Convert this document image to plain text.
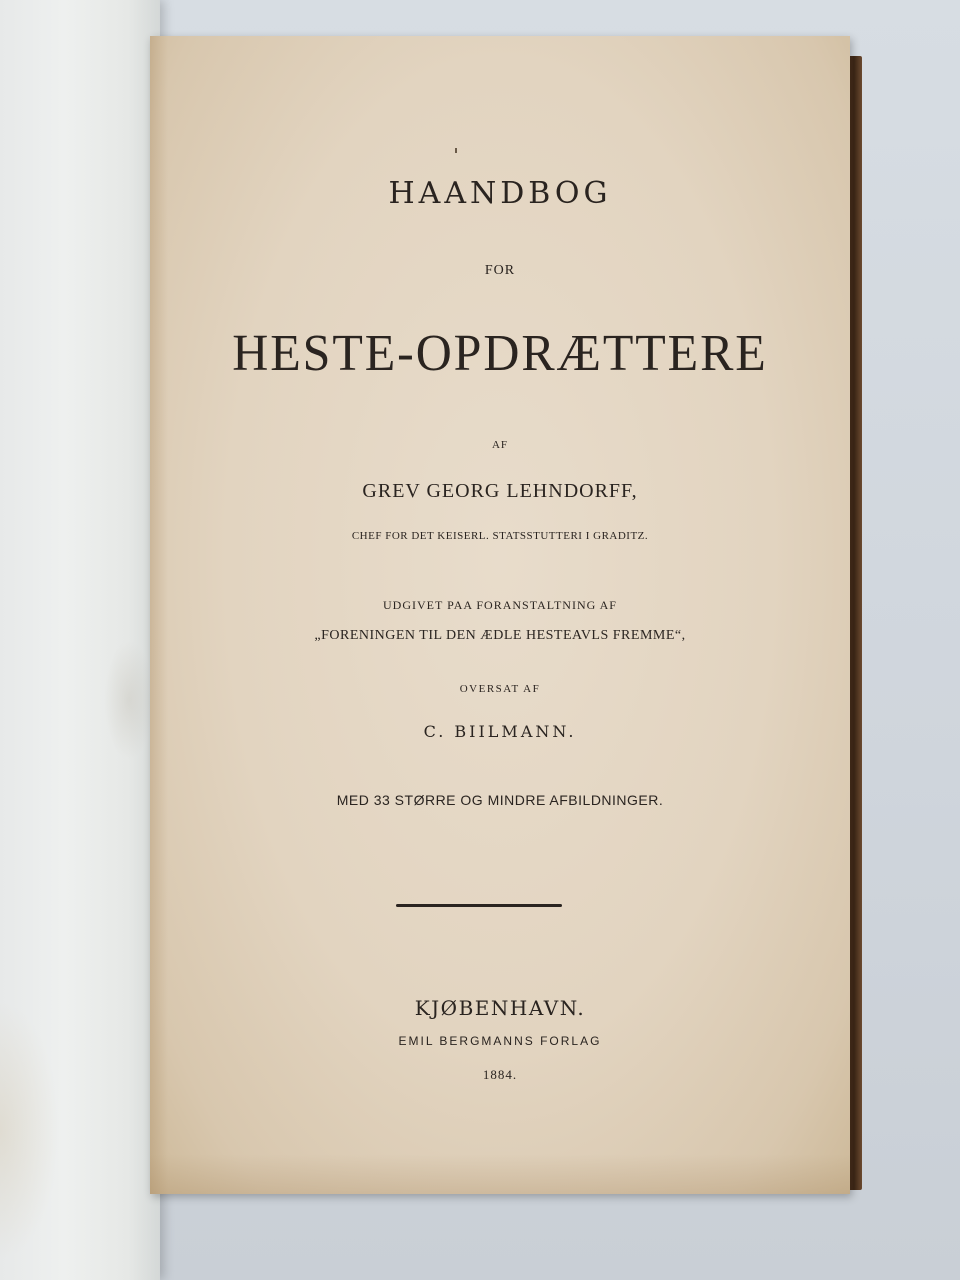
HAANDBOG
FOR
HESTE-OPDRÆTTERE
AF
GREV GEORG LEHNDORFF,
CHEF FOR DET KEISERL. STATSSTUTTERI I GRADITZ.
UDGIVET PAA FORANSTALTNING AF
„FORENINGEN TIL DEN ÆDLE HESTEAVLS FREMME“,
OVERSAT AF
C. BIILMANN.
MED 33 STØRRE OG MINDRE AFBILDNINGER.
KJØBENHAVN.
EMIL BERGMANNS FORLAG
1884.
